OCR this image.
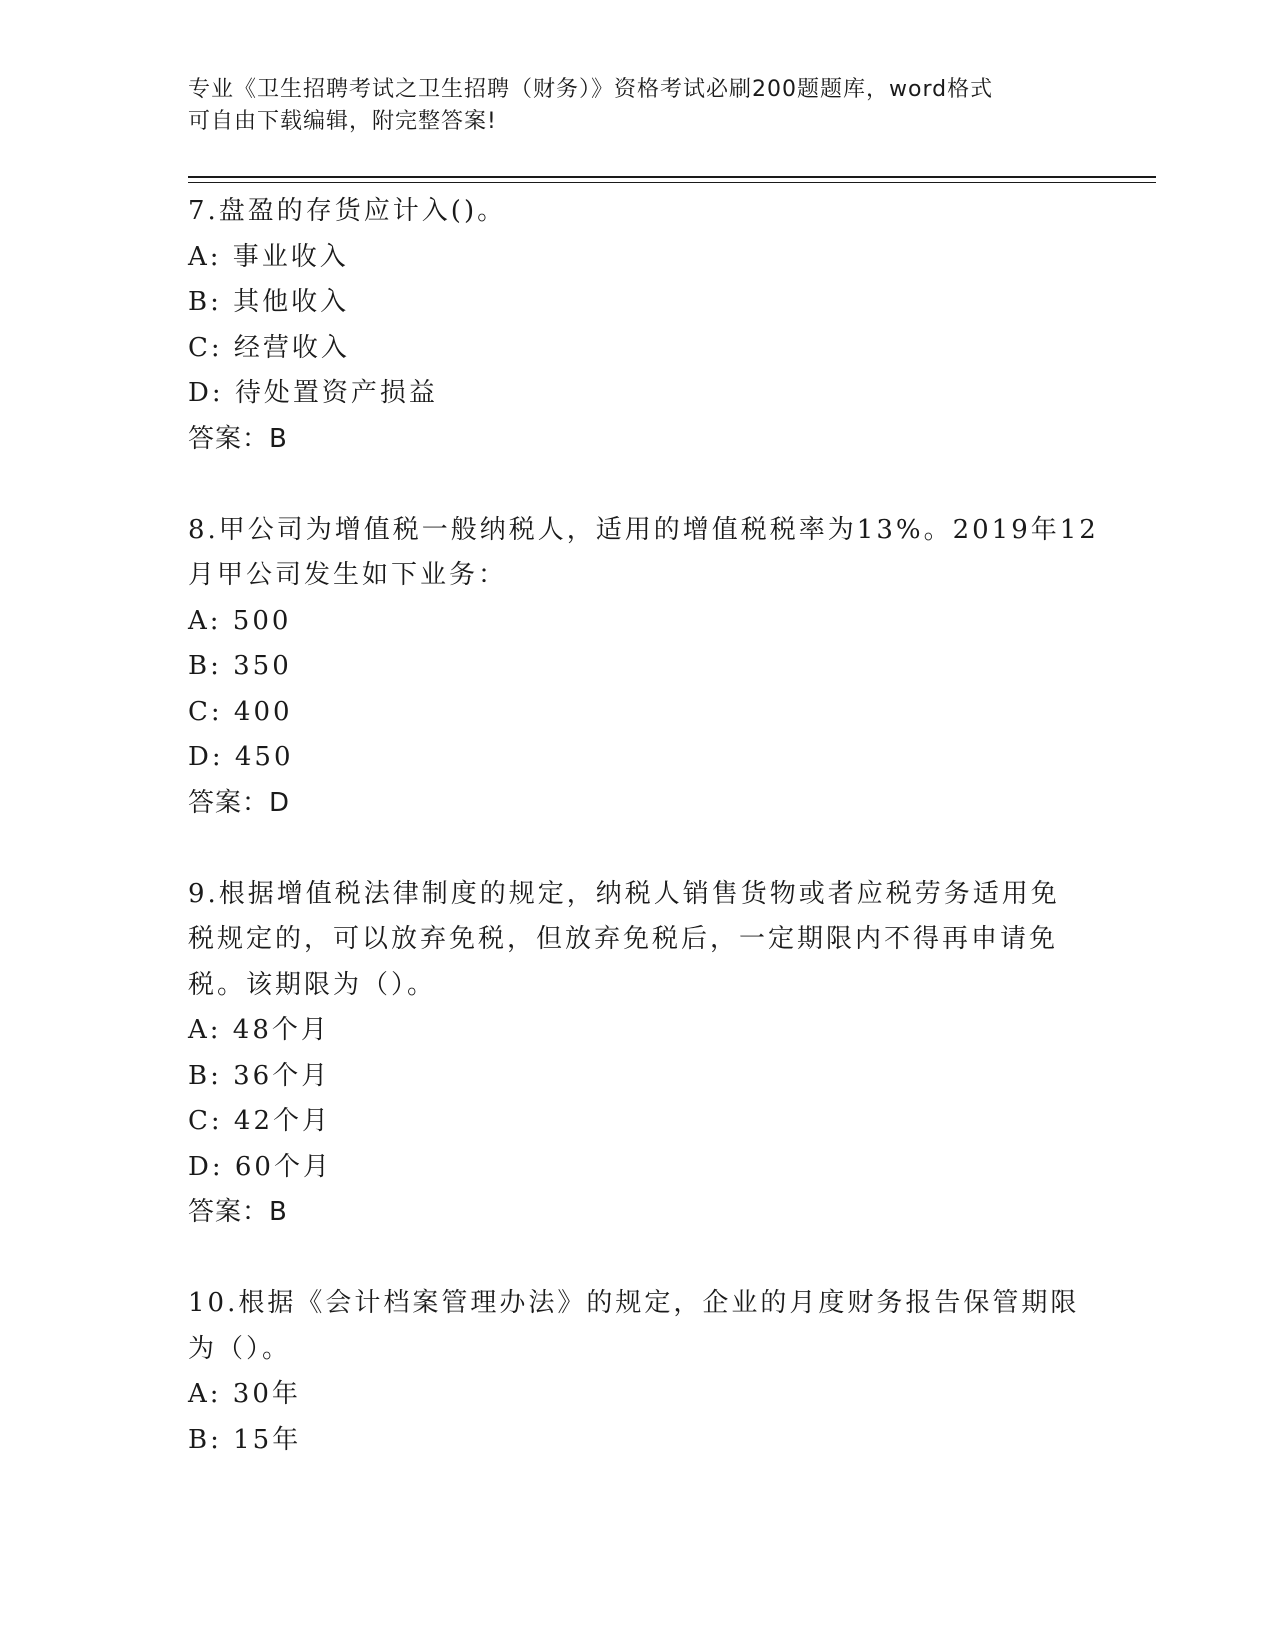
专业《卫生招聘考试之卫生招聘（财务）》资格考试必刷200题题库，word格式
可自由下载编辑，附完整答案!
7.盘盈的存货应计入()。
A: 事业收入
B: 其他收入
C: 经营收入
D: 待处置资产损益
答案：B
8.甲公司为增值税一般纳税人，适用的增值税税率为13%。2019年12
月甲公司发生如下业务：
A: 500
B: 350
C: 400
D: 450
答案：D
9.根据增值税法律制度的规定，纳税人销售货物或者应税劳务适用免
税规定的，可以放弃免税，但放弃免税后，一定期限内不得再申请免
税。该期限为（）。
A: 48个月
B: 36个月
C: 42个月
D: 60个月
答案：B
10.根据《会计档案管理办法》的规定，企业的月度财务报告保管期限
为（）。
A: 30年
B: 15年
